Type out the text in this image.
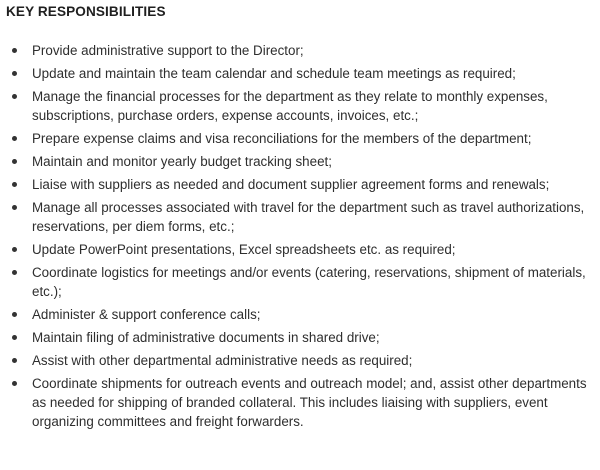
KEY RESPONSIBILITIES
Provide administrative support to the Director;
Update and maintain the team calendar and schedule team meetings as required;
Manage the financial processes for the department as they relate to monthly expenses, subscriptions, purchase orders, expense accounts, invoices, etc.;
Prepare expense claims and visa reconciliations for the members of the department;
Maintain and monitor yearly budget tracking sheet;
Liaise with suppliers as needed and document supplier agreement forms and renewals;
Manage all processes associated with travel for the department such as travel authorizations, reservations, per diem forms, etc.;
Update PowerPoint presentations, Excel spreadsheets etc. as required;
Coordinate logistics for meetings and/or events (catering, reservations, shipment of materials, etc.);
Administer & support conference calls;
Maintain filing of administrative documents in shared drive;
Assist with other departmental administrative needs as required;
Coordinate shipments for outreach events and outreach model; and, assist other departments as needed for shipping of branded collateral. This includes liaising with suppliers, event organizing committees and freight forwarders.
